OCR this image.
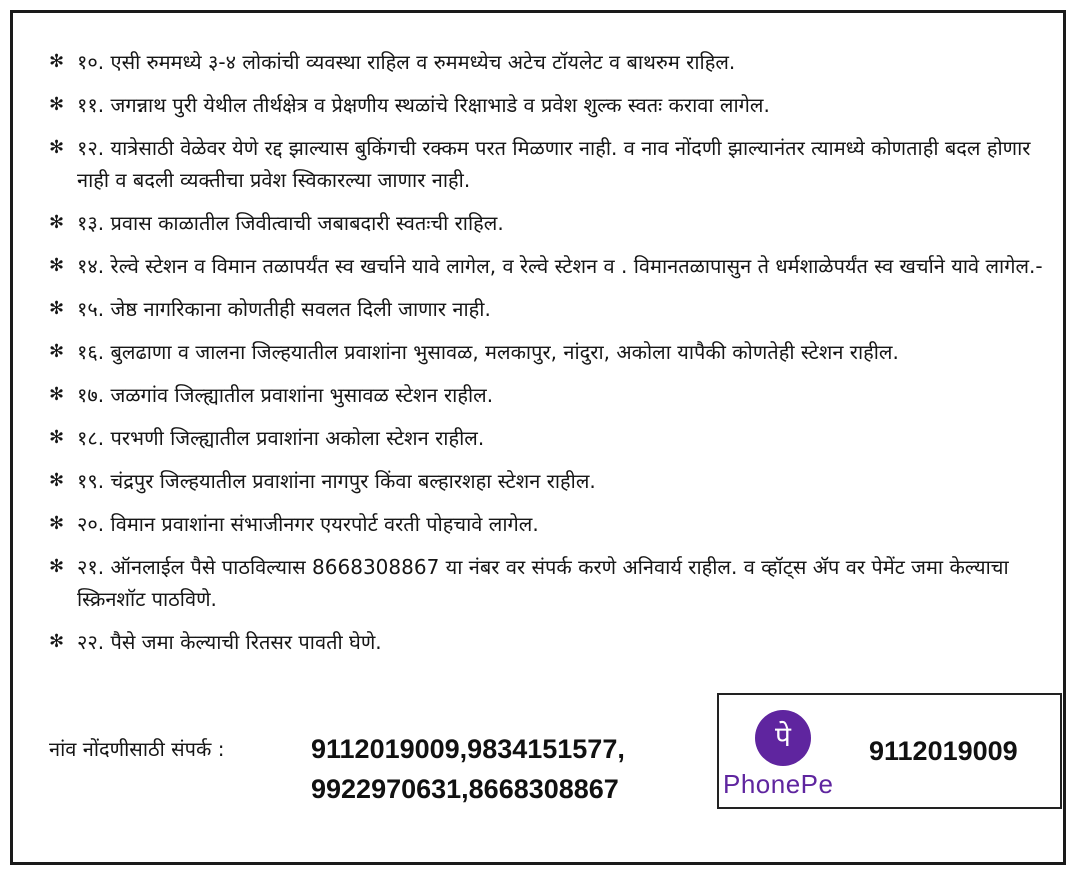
✻ १०. एसी रुममध्ये ३-४ लोकांची व्यवस्था राहिल व रुममध्येच अटेच टॉयलेट व बाथरुम राहिल.
✻ ११. जगन्नाथ पुरी येथील तीर्थक्षेत्र व प्रेक्षणीय स्थळांचे रिक्षाभाडे व प्रवेश शुल्क स्वतः करावा लागेल.
✻ १२. यात्रेसाठी वेळेवर येणे रद्द झाल्यास बुकिंगची रक्कम परत मिळणार नाही. व नाव नोंदणी झाल्यानंतर त्यामध्ये कोणताही बदल होणार नाही व बदली व्यक्तीचा प्रवेश स्विकारल्या जाणार नाही.
✻ १३. प्रवास काळातील जिवीत्वाची जबाबदारी स्वतःची राहिल.
✻ १४. रेल्वे स्टेशन व विमान तळापर्यंत स्व खर्चाने यावे लागेल, व रेल्वे स्टेशन व . विमानतळापासुन ते धर्मशाळेपर्यंत स्व खर्चाने यावे लागेल.-
✻ १५. जेष्ठ नागरिकाना कोणतीही सवलत दिली जाणार नाही.
✻ १६. बुलढाणा व जालना जिल्हयातील प्रवाशांना भुसावळ, मलकापुर, नांदुरा, अकोला यापैकी कोणतेही स्टेशन राहील.
✻ १७. जळगांव जिल्ह्यातील प्रवाशांना भुसावळ स्टेशन राहील.
✻ १८. परभणी जिल्ह्यातील प्रवाशांना अकोला स्टेशन राहील.
✻ १९. चंद्रपुर जिल्हयातील प्रवाशांना नागपुर किंवा बल्हारशहा स्टेशन राहील.
✻ २०. विमान प्रवाशांना संभाजीनगर एयरपोर्ट वरती पोहचावे लागेल.
✻ २१. ऑनलाईल पैसे पाठविल्यास 8668308867 या नंबर वर संपर्क करणे अनिवार्य राहील. व व्हॉट्स ॲप वर पेमेंट जमा केल्याचा स्क्रिनशॉट पाठविणे.
✻ २२. पैसे जमा केल्याची रितसर पावती घेणे.
नांव नोंदणीसाठी संपर्क :	9112019009,9834151577,
9922970631,8668308867
पे
PhonePe
9112019009
